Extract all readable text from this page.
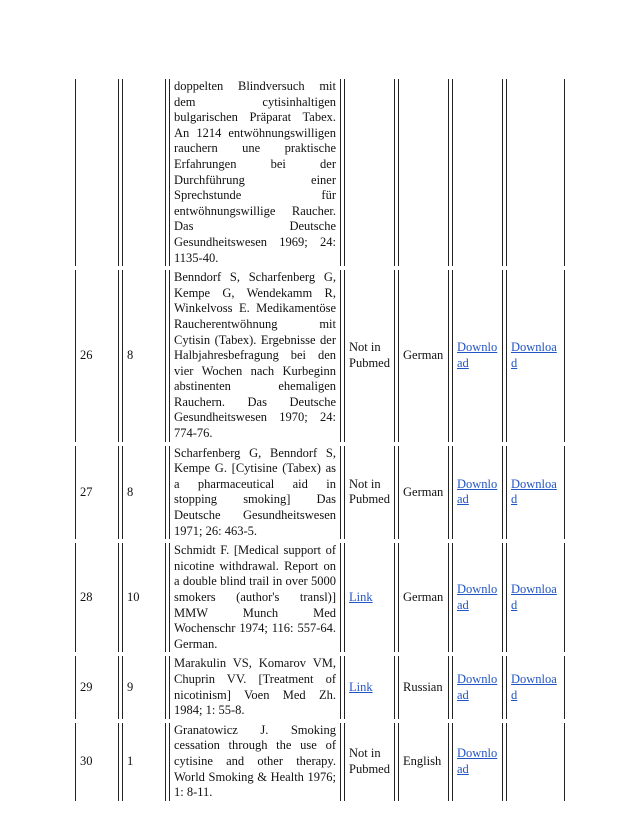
		doppelten Blindversuch mit dem cytisinhaltigen bulgarischen Präparat Tabex. An 1214 entwöhnungswilligen rauchern une praktische Erfahrungen bei der Durchführung einer Sprechstunde für entwöhnungswillige Raucher. Das Deutsche Gesundheitswesen 1969; 24: 1135-40.				
26	8	Benndorf S, Scharfenberg G, Kempe G, Wendekamm R, Winkelvoss E. Medikamentöse Raucherentwöhnung mit Cytisin (Tabex). Ergebnisse der Halbjahresbefragung bei den vier Wochen nach Kurbeginn abstinenten ehemaligen Rauchern. Das Deutsche Gesundheitswesen 1970; 24: 774-76.	Not in Pubmed	German	Download	Download
27	8	Scharfenberg G, Benndorf S, Kempe G. [Cytisine (Tabex) as a pharmaceutical aid in stopping smoking] Das Deutsche Gesundheitswesen 1971; 26: 463-5.	Not in Pubmed	German	Download	Download
28	10	Schmidt F. [Medical support of nicotine withdrawal. Report on a double blind trail in over 5000 smokers (author's transl)] MMW Munch Med Wochenschr 1974; 116: 557-64. German.	Link	German	Download	Download
29	9	Marakulin VS, Komarov VM, Chuprin VV. [Treatment of nicotinism] Voen Med Zh. 1984; 1: 55-8.	Link	Russian	Download	Download
30	1	Granatowicz J. Smoking cessation through the use of cytisine and other therapy. World Smoking & Health 1976; 1: 8-11.	Not in Pubmed	English	Download	
